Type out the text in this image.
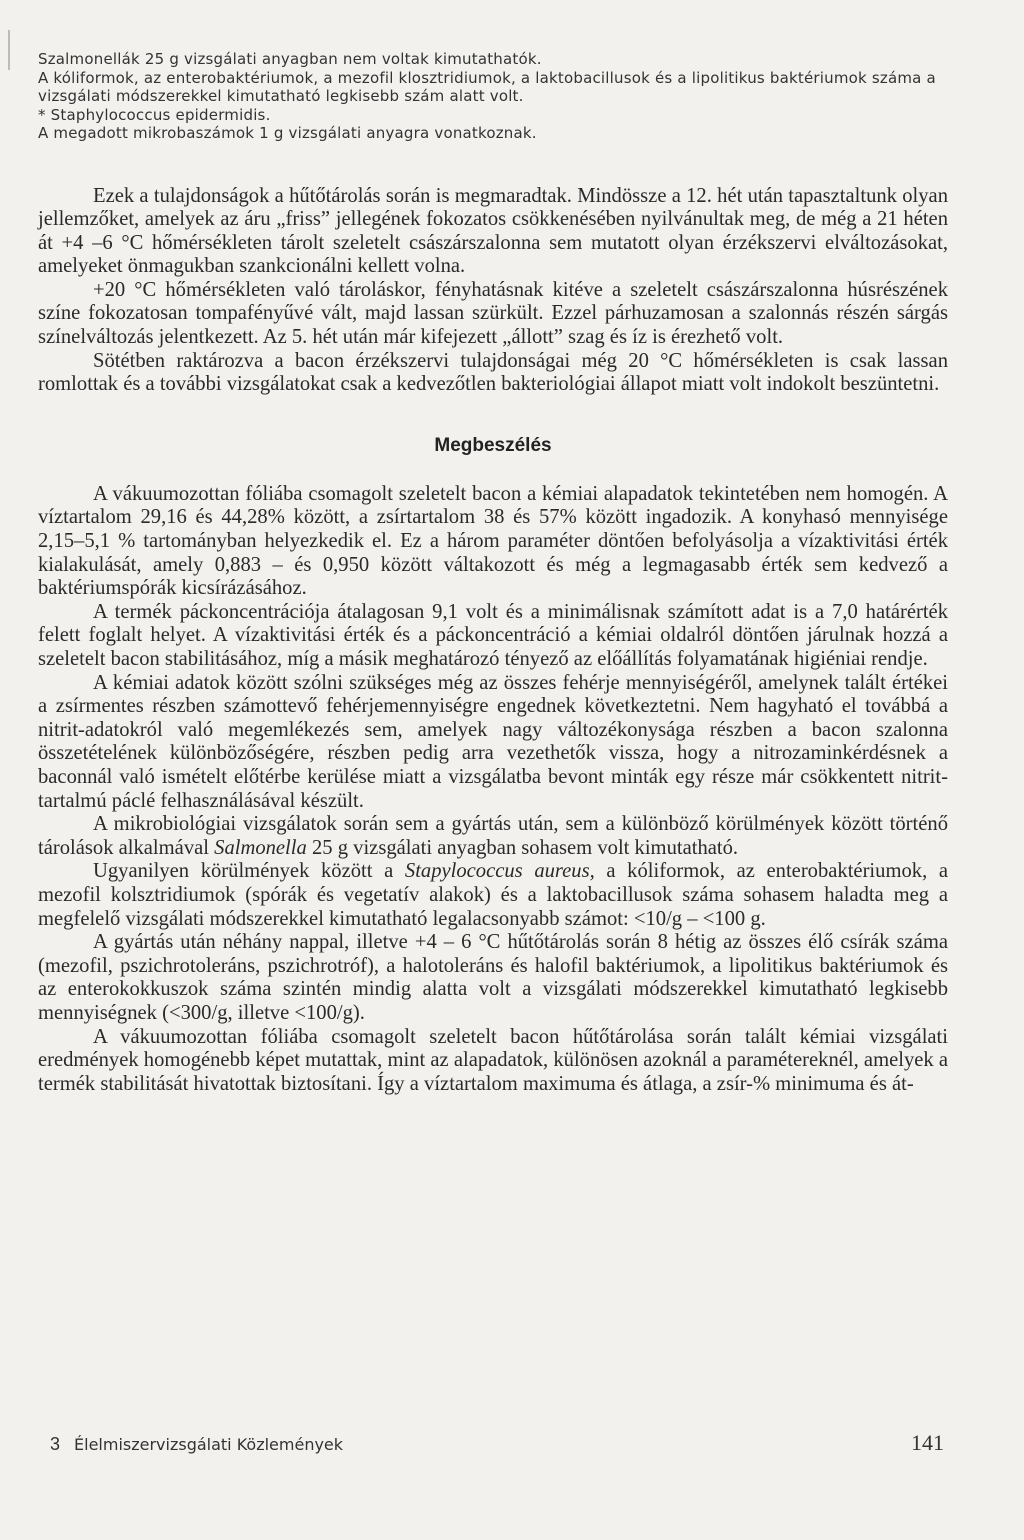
Szalmonellák 25 g vizsgálati anyagban nem voltak kimutathatók.

A kóliformok, az enterobaktériumok, a mezofil klosztridiumok, a laktobacillusok és a lipolitikus baktériumok száma a vizsgálati módszerekkel kimutatható legkisebb szám alatt volt.

* Staphylococcus epidermidis.

A megadott mikrobaszámok 1 g vizsgálati anyagra vonatkoznak.

Ezek a tulajdonságok a hűtőtárolás során is megmaradtak. Mindössze a 12. hét után tapasztaltunk olyan jellemzőket, amelyek az áru „friss” jellegének fokozatos csökkenésében nyilvánultak meg, de még a 21 héten át +4 –6 °C hőmérsékleten tárolt szeletelt császárszalonna sem mutatott olyan érzékszervi elváltozásokat, amelyeket önmagukban szankcionálni kellett volna.

+20 °C hőmérsékleten való tároláskor, fényhatásnak kitéve a szeletelt császárszalonna húsrészének színe fokozatosan tompafényűvé vált, majd lassan szürkült. Ezzel párhuzamosan a szalonnás részén sárgás színelváltozás jelentkezett. Az 5. hét után már kifejezett „állott” szag és íz is érezhető volt.

Sötétben raktározva a bacon érzékszervi tulajdonságai még 20 °C hőmérsékleten is csak lassan romlottak és a további vizsgálatokat csak a kedvezőtlen bakteriológiai állapot miatt volt indokolt beszüntetni.

Megbeszélés

A vákuumozottan fóliába csomagolt szeletelt bacon a kémiai alapadatok tekintetében nem homogén. A víztartalom 29,16 és 44,28% között, a zsírtartalom 38 és 57% között ingadozik. A konyhasó mennyisége 2,15–5,1 % tartományban helyezkedik el. Ez a három paraméter döntően befolyásolja a vízaktivitási érték kialakulását, amely 0,883 – és 0,950 között váltakozott és még a legmagasabb érték sem kedvező a baktériumspórák kicsírázásához.

A termék páckoncentrációja átalagosan 9,1 volt és a minimálisnak számított adat is a 7,0 határérték felett foglalt helyet. A vízaktivitási érték és a páckoncentráció a kémiai oldalról döntően járulnak hozzá a szeletelt bacon stabilitásához, míg a másik meghatározó tényező az előállítás folyamatának higiéniai rendje.

A kémiai adatok között szólni szükséges még az összes fehérje mennyiségéről, amelynek talált értékei a zsírmentes részben számottevő fehérjemennyiségre engednek következtetni. Nem hagyható el továbbá a nitrit-adatokról való megemlékezés sem, amelyek nagy változékonysága részben a bacon szalonna összetételének különbözőségére, részben pedig arra vezethetők vissza, hogy a nitrozaminkérdésnek a baconnál való ismételt előtérbe kerülése miatt a vizsgálatba bevont minták egy része már csökkentett nitrit-tartalmú páclé felhasználásával készült.

A mikrobiológiai vizsgálatok során sem a gyártás után, sem a különböző körülmények között történő tárolások alkalmával Salmonella 25 g vizsgálati anyagban sohasem volt kimutatható.

Ugyanilyen körülmények között a Stapylococcus aureus, a kóliformok, az enterobaktériumok, a mezofil kolsztridiumok (spórák és vegetatív alakok) és a laktobacillusok száma sohasem haladta meg a megfelelő vizsgálati módszerekkel kimutatható legalacsonyabb számot: <10/g – <100 g.

A gyártás után néhány nappal, illetve +4 – 6 °C hűtőtárolás során 8 hétig az összes élő csírák száma (mezofil, pszichrotoleráns, pszichrotróf), a halotoleráns és halofil baktériumok, a lipolitikus baktériumok és az enterokokkuszok száma szintén mindig alatta volt a vizsgálati módszerekkel kimutatható legkisebb mennyiségnek (<300/g, illetve <100/g).

A vákuumozottan fóliába csomagolt szeletelt bacon hűtőtárolása során talált kémiai vizsgálati eredmények homogénebb képet mutattak, mint az alapadatok, különösen azoknál a paramétereknél, amelyek a termék stabilitását hivatottak biztosítani. Így a víztartalom maximuma és átlaga, a zsír-% minimuma és át-

3 Élelmiszervizsgálati Közlemények	141
